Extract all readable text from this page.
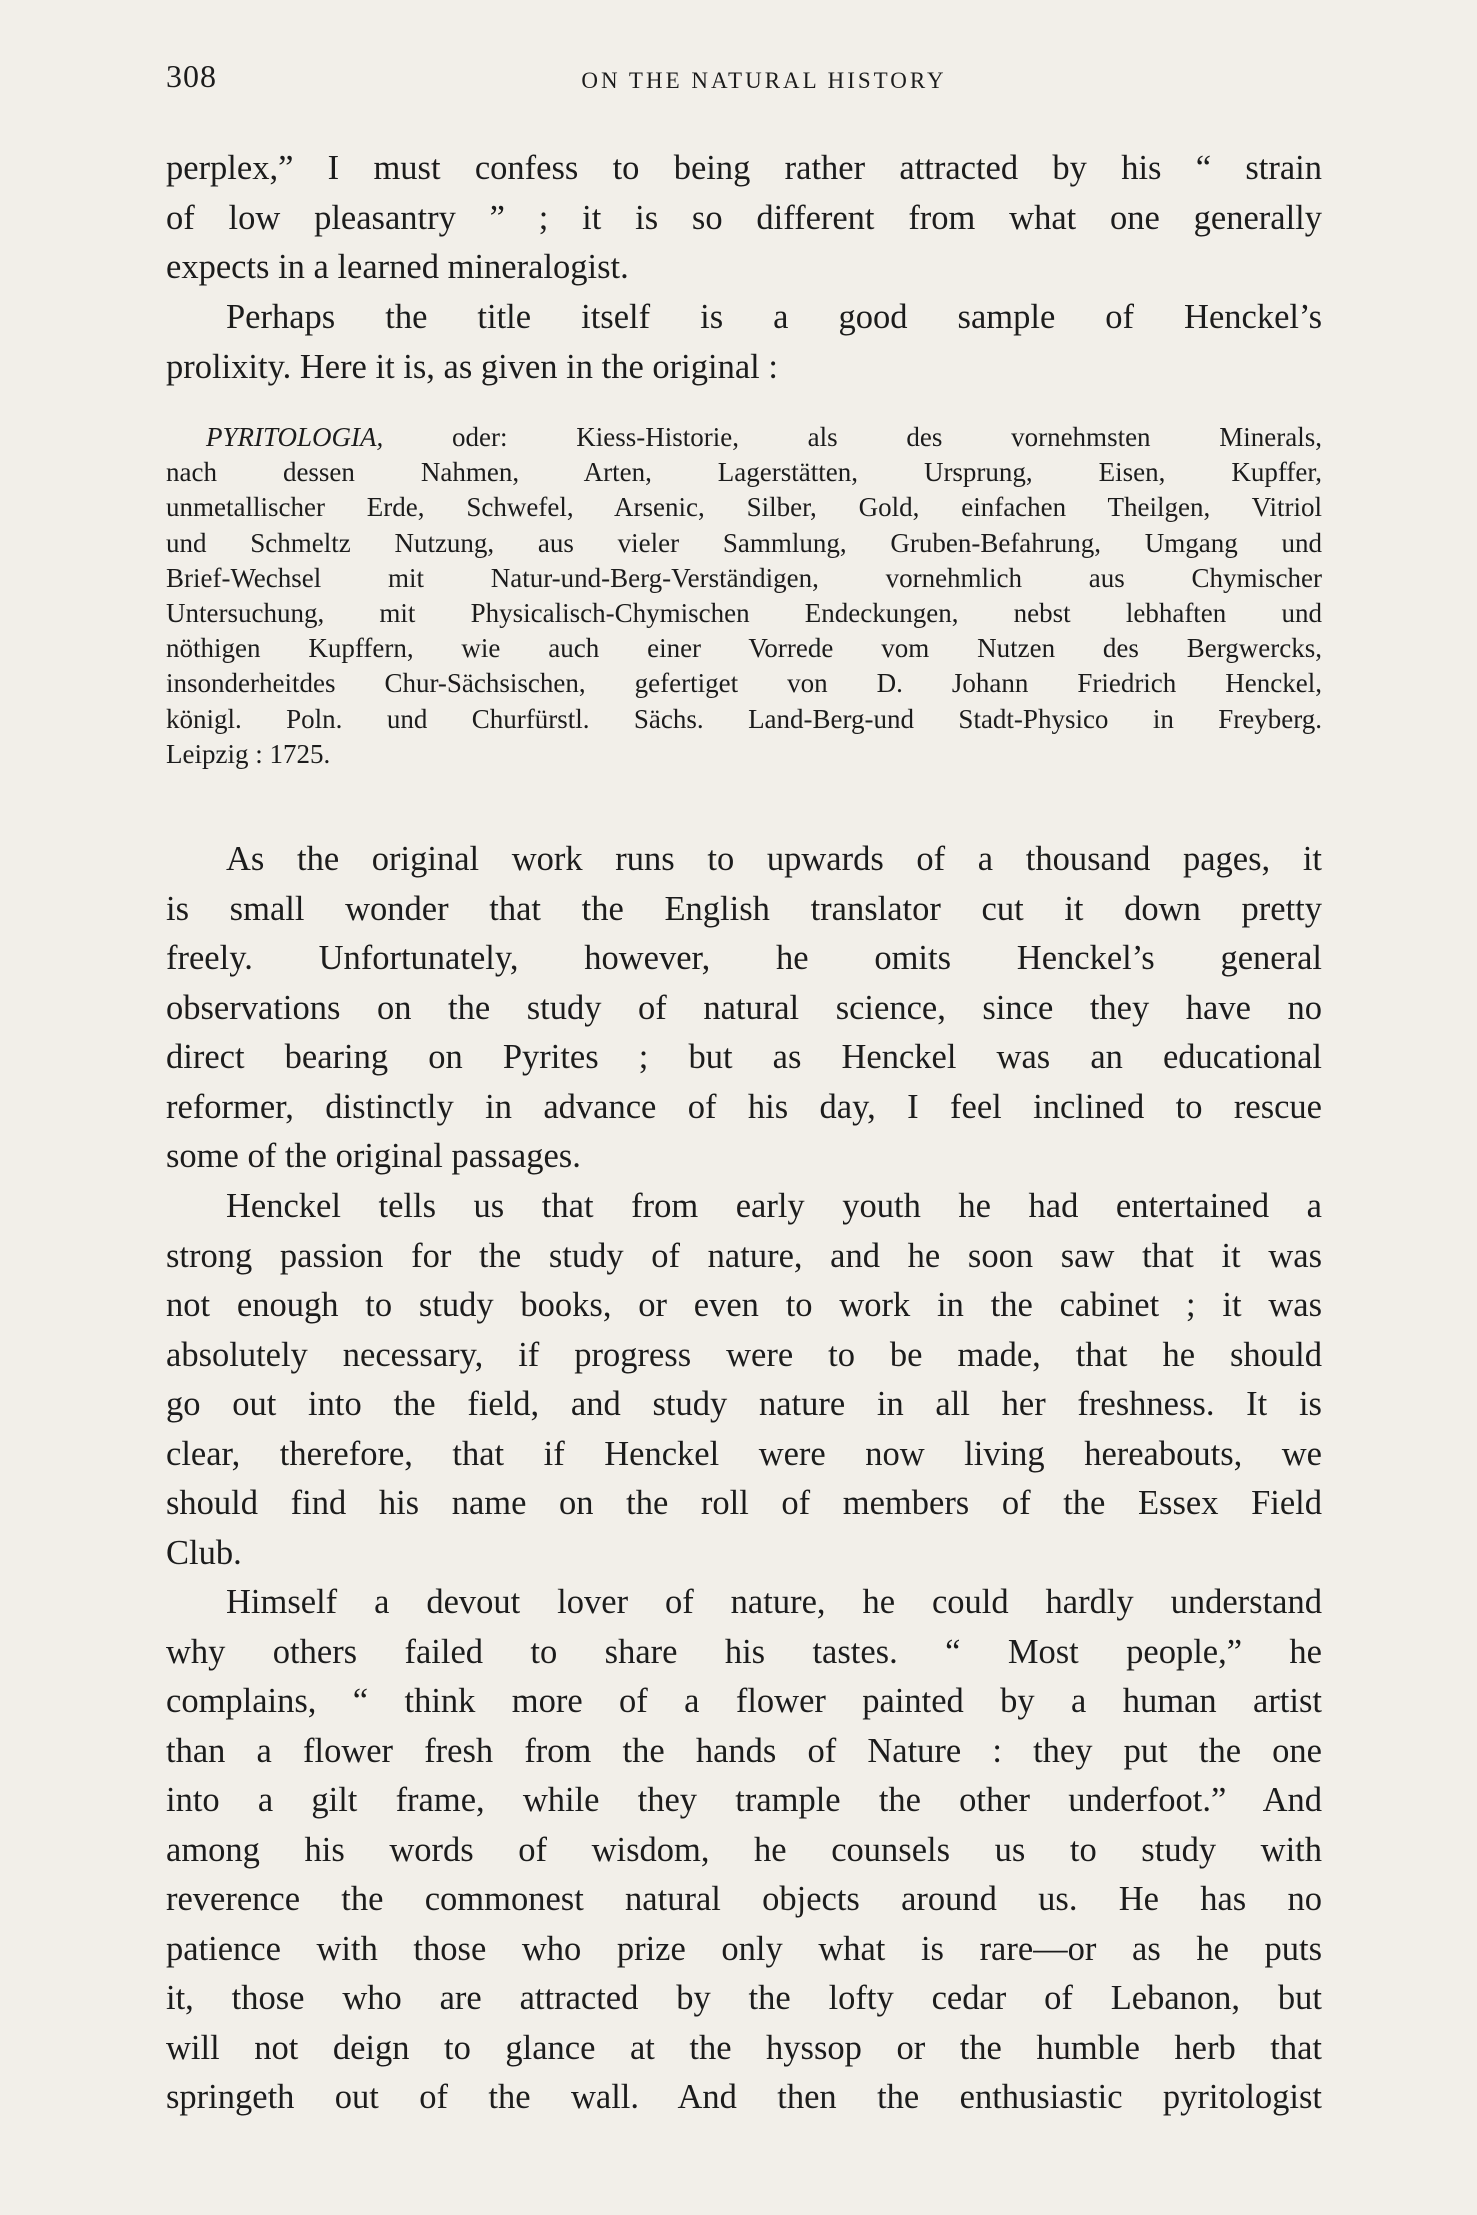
308	ON THE NATURAL HISTORY
perplex,” I must confess to being rather attracted by his “ strain
of low pleasantry ” ; it is so different from what one generally
expects in a learned mineralogist.
Perhaps the title itself is a good sample of Henckel’s
prolixity. Here it is, as given in the original :
PYRITOLOGIA,	oder: Kiess-Historie, als des vornehmsten Minerals,
nach dessen Nahmen, Arten, Lagerstätten, Ursprung, Eisen, Kupffer,
unmetallischer Erde, Schwefel, Arsenic, Silber, Gold, einfachen Theilgen, Vitriol
und Schmeltz Nutzung, aus vieler Sammlung, Gruben-Befahrung, Umgang und
Brief-Wechsel mit Natur-und-Berg-Verständigen, vornehmlich aus Chymischer
Untersuchung, mit Physicalisch-Chymischen Endeckungen, nebst lebhaften und
nöthigen Kupffern, wie auch einer Vorrede vom Nutzen des Bergwercks,
insonderheitdes Chur-Sächsischen, gefertiget von D. Johann Friedrich Henckel,
königl. Poln. und Churfürstl. Sächs. Land-Berg-und Stadt-Physico in Freyberg.
Leipzig : 1725.
As the original work runs to upwards of a thousand pages, it
is small wonder that the English translator cut it down pretty
freely. Unfortunately, however, he omits Henckel’s general
observations on the study of natural science, since they have no
direct bearing on Pyrites ; but as Henckel was an educational
reformer, distinctly in advance of his day, I feel inclined to rescue
some of the original passages.
Henckel tells us that from early youth he had entertained a
strong passion for the study of nature, and he soon saw that it was
not enough to study books, or even to work in the cabinet ; it was
absolutely necessary, if progress were to be made, that he should
go out into the field, and study nature in all her freshness. It is
clear, therefore, that if Henckel were now living hereabouts, we
should find his name on the roll of members of the Essex Field
Club.
Himself a devout lover of nature, he could hardly understand
why others failed to share his tastes. “ Most people,” he
complains, “ think more of a flower painted by a human artist
than a flower fresh from the hands of Nature : they put the one
into a gilt frame, while they trample the other underfoot.” And
among his words of wisdom, he counsels us to study with
reverence the commonest natural objects around us. He has no
patience with those who prize only what is rare—or as he puts
it, those who are attracted by the lofty cedar of Lebanon, but
will not deign to glance at the hyssop or the humble herb that
springeth out of the wall. And then the enthusiastic pyritologist
